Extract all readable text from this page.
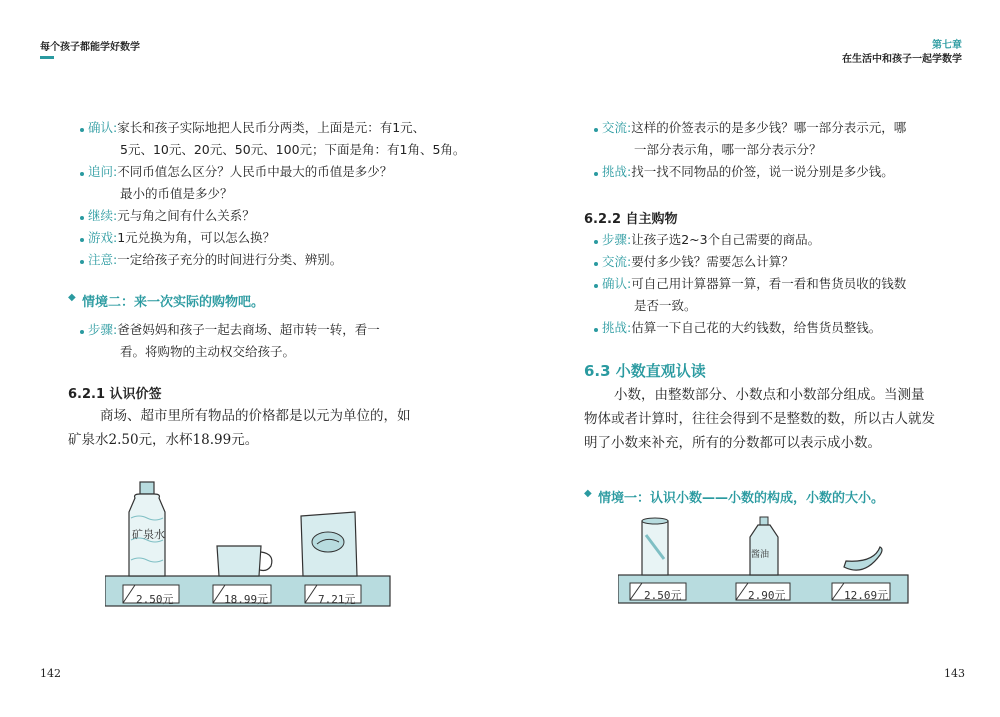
每个孩子都能学好数学	第七章
在生活中和孩子一起学数学
确认:家长和孩子实际地把人民币分两类，上面是元：有1元、
5元、10元、20元、50元、100元；下面是角：有1角、5角。
追问:不同币值怎么区分？人民币中最大的币值是多少？
最小的币值是多少？
继续:元与角之间有什么关系？
游戏:1元兑换为角，可以怎么换？
注意:一定给孩子充分的时间进行分类、辨别。
◆ 情境二：来一次实际的购物吧。
步骤:爸爸妈妈和孩子一起去商场、超市转一转，看一
看。将购物的主动权交给孩子。
6.2.1 认识价签
商场、超市里所有物品的价格都是以元为单位的，如
矿泉水2.50元，水杯18.99元。
矿泉水
2.50元	18.99元	7.21元
142
交流:这样的价签表示的是多少钱？哪一部分表示元，哪
一部分表示角，哪一部分表示分？
挑战:找一找不同物品的价签，说一说分别是多少钱。
6.2.2 自主购物
步骤:让孩子选2~3个自己需要的商品。
交流:要付多少钱？需要怎么计算？
确认:可自己用计算器算一算，看一看和售货员收的钱数
是否一致。
挑战:估算一下自己花的大约钱数，给售货员整钱。
6.3 小数直观认读
小数，由整数部分、小数点和小数部分组成。当测量
物体或者计算时，往往会得到不是整数的数，所以古人就发
明了小数来补充，所有的分数都可以表示成小数。
◆ 情境一：认识小数——小数的构成，小数的大小。
酱油
2.50元	2.90元	12.69元
143
